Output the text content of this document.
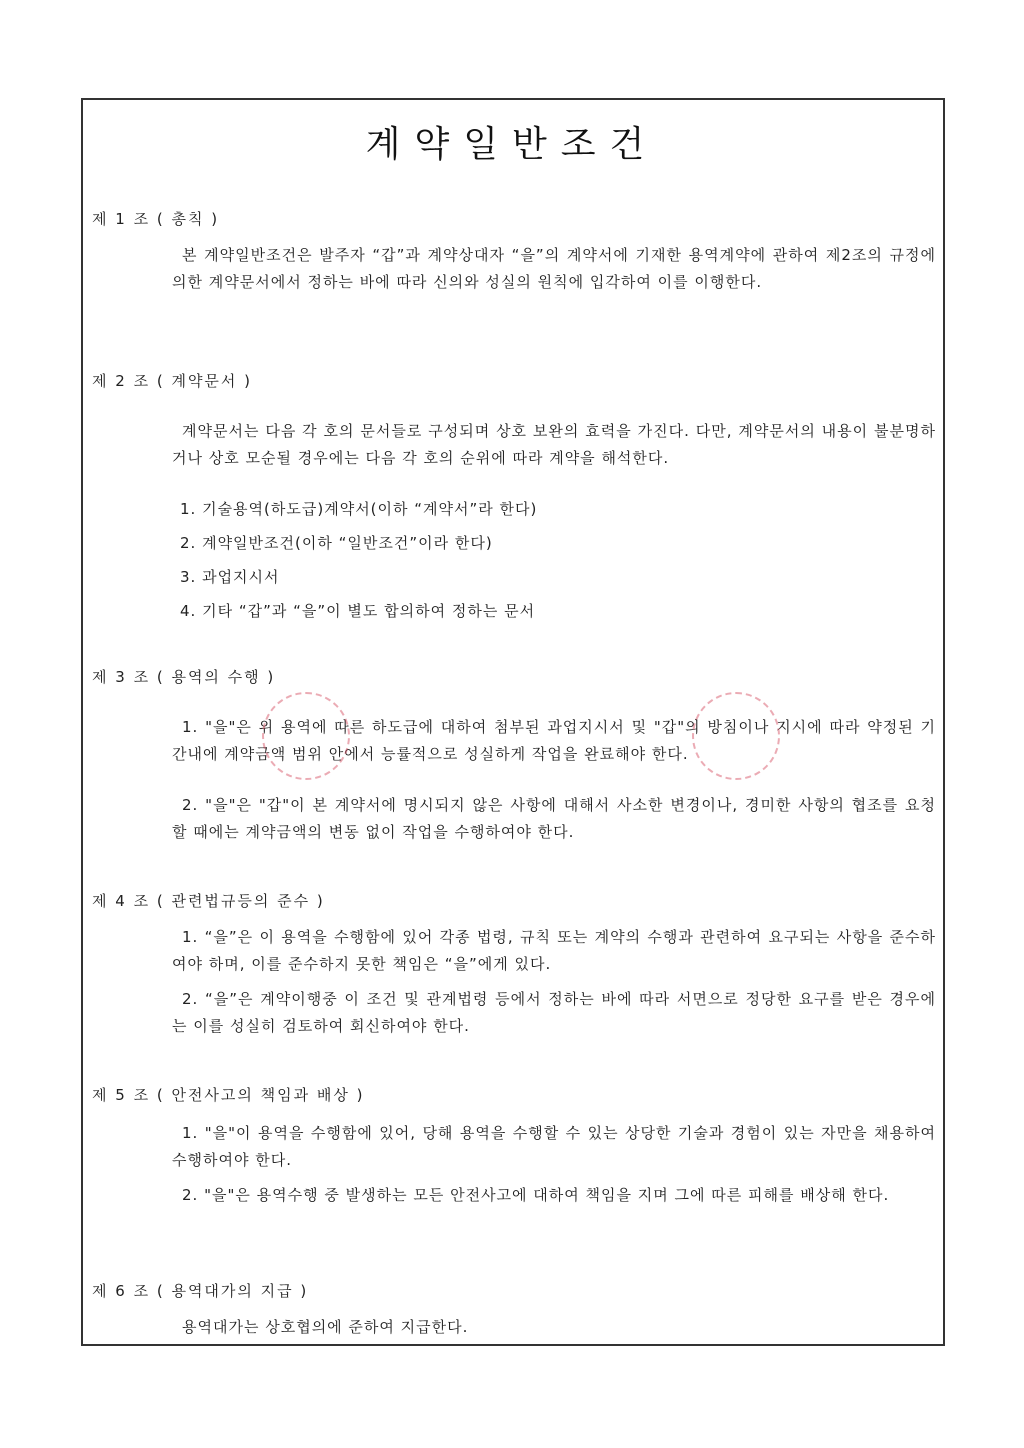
계약일반조건
제 1 조 ( 총칙 )
본 계약일반조건은 발주자 “갑”과 계약상대자 “을”의 계약서에 기재한 용역계약에 관하여 제2조의 규정에 의한 계약문서에서 정하는 바에 따라 신의와 성실의 원칙에 입각하여 이를 이행한다.
제 2 조 ( 계약문서 )
계약문서는 다음 각 호의 문서들로 구성되며 상호 보완의 효력을 가진다. 다만, 계약문서의 내용이 불분명하거나 상호 모순될 경우에는 다음 각 호의 순위에 따라 계약을 해석한다.
1. 기술용역(하도급)계약서(이하 “계약서”라 한다)
2. 계약일반조건(이하 “일반조건”이라 한다)
3. 과업지시서
4. 기타 “갑”과 “을”이 별도 합의하여 정하는 문서
제 3 조 ( 용역의 수행 )
1. "을"은 위 용역에 따른 하도급에 대하여 첨부된 과업지시서 및 "갑"의 방침이나 지시에 따라 약정된 기간내에 계약금액 범위 안에서 능률적으로 성실하게 작업을 완료해야 한다.
2. "을"은 "갑"이 본 계약서에 명시되지 않은 사항에 대해서 사소한 변경이나, 경미한 사항의 협조를 요청할 때에는 계약금액의 변동 없이 작업을 수행하여야 한다.
제 4 조 ( 관련법규등의 준수 )
1. “을”은 이 용역을 수행함에 있어 각종 법령, 규칙 또는 계약의 수행과 관련하여 요구되는 사항을 준수하여야 하며, 이를 준수하지 못한 책임은 “을”에게 있다.
2. “을”은 계약이행중 이 조건 및 관계법령 등에서 정하는 바에 따라 서면으로 정당한 요구를 받은 경우에는 이를 성실히 검토하여 회신하여야 한다.
제 5 조 ( 안전사고의 책임과 배상 )
1. "을"이 용역을 수행함에 있어, 당해 용역을 수행할 수 있는 상당한 기술과 경험이 있는 자만을 채용하여 수행하여야 한다.
2. "을"은 용역수행 중 발생하는 모든 안전사고에 대하여 책임을 지며 그에 따른 피해를 배상해 한다.
제 6 조 ( 용역대가의 지급 )
용역대가는 상호협의에 준하여 지급한다.
